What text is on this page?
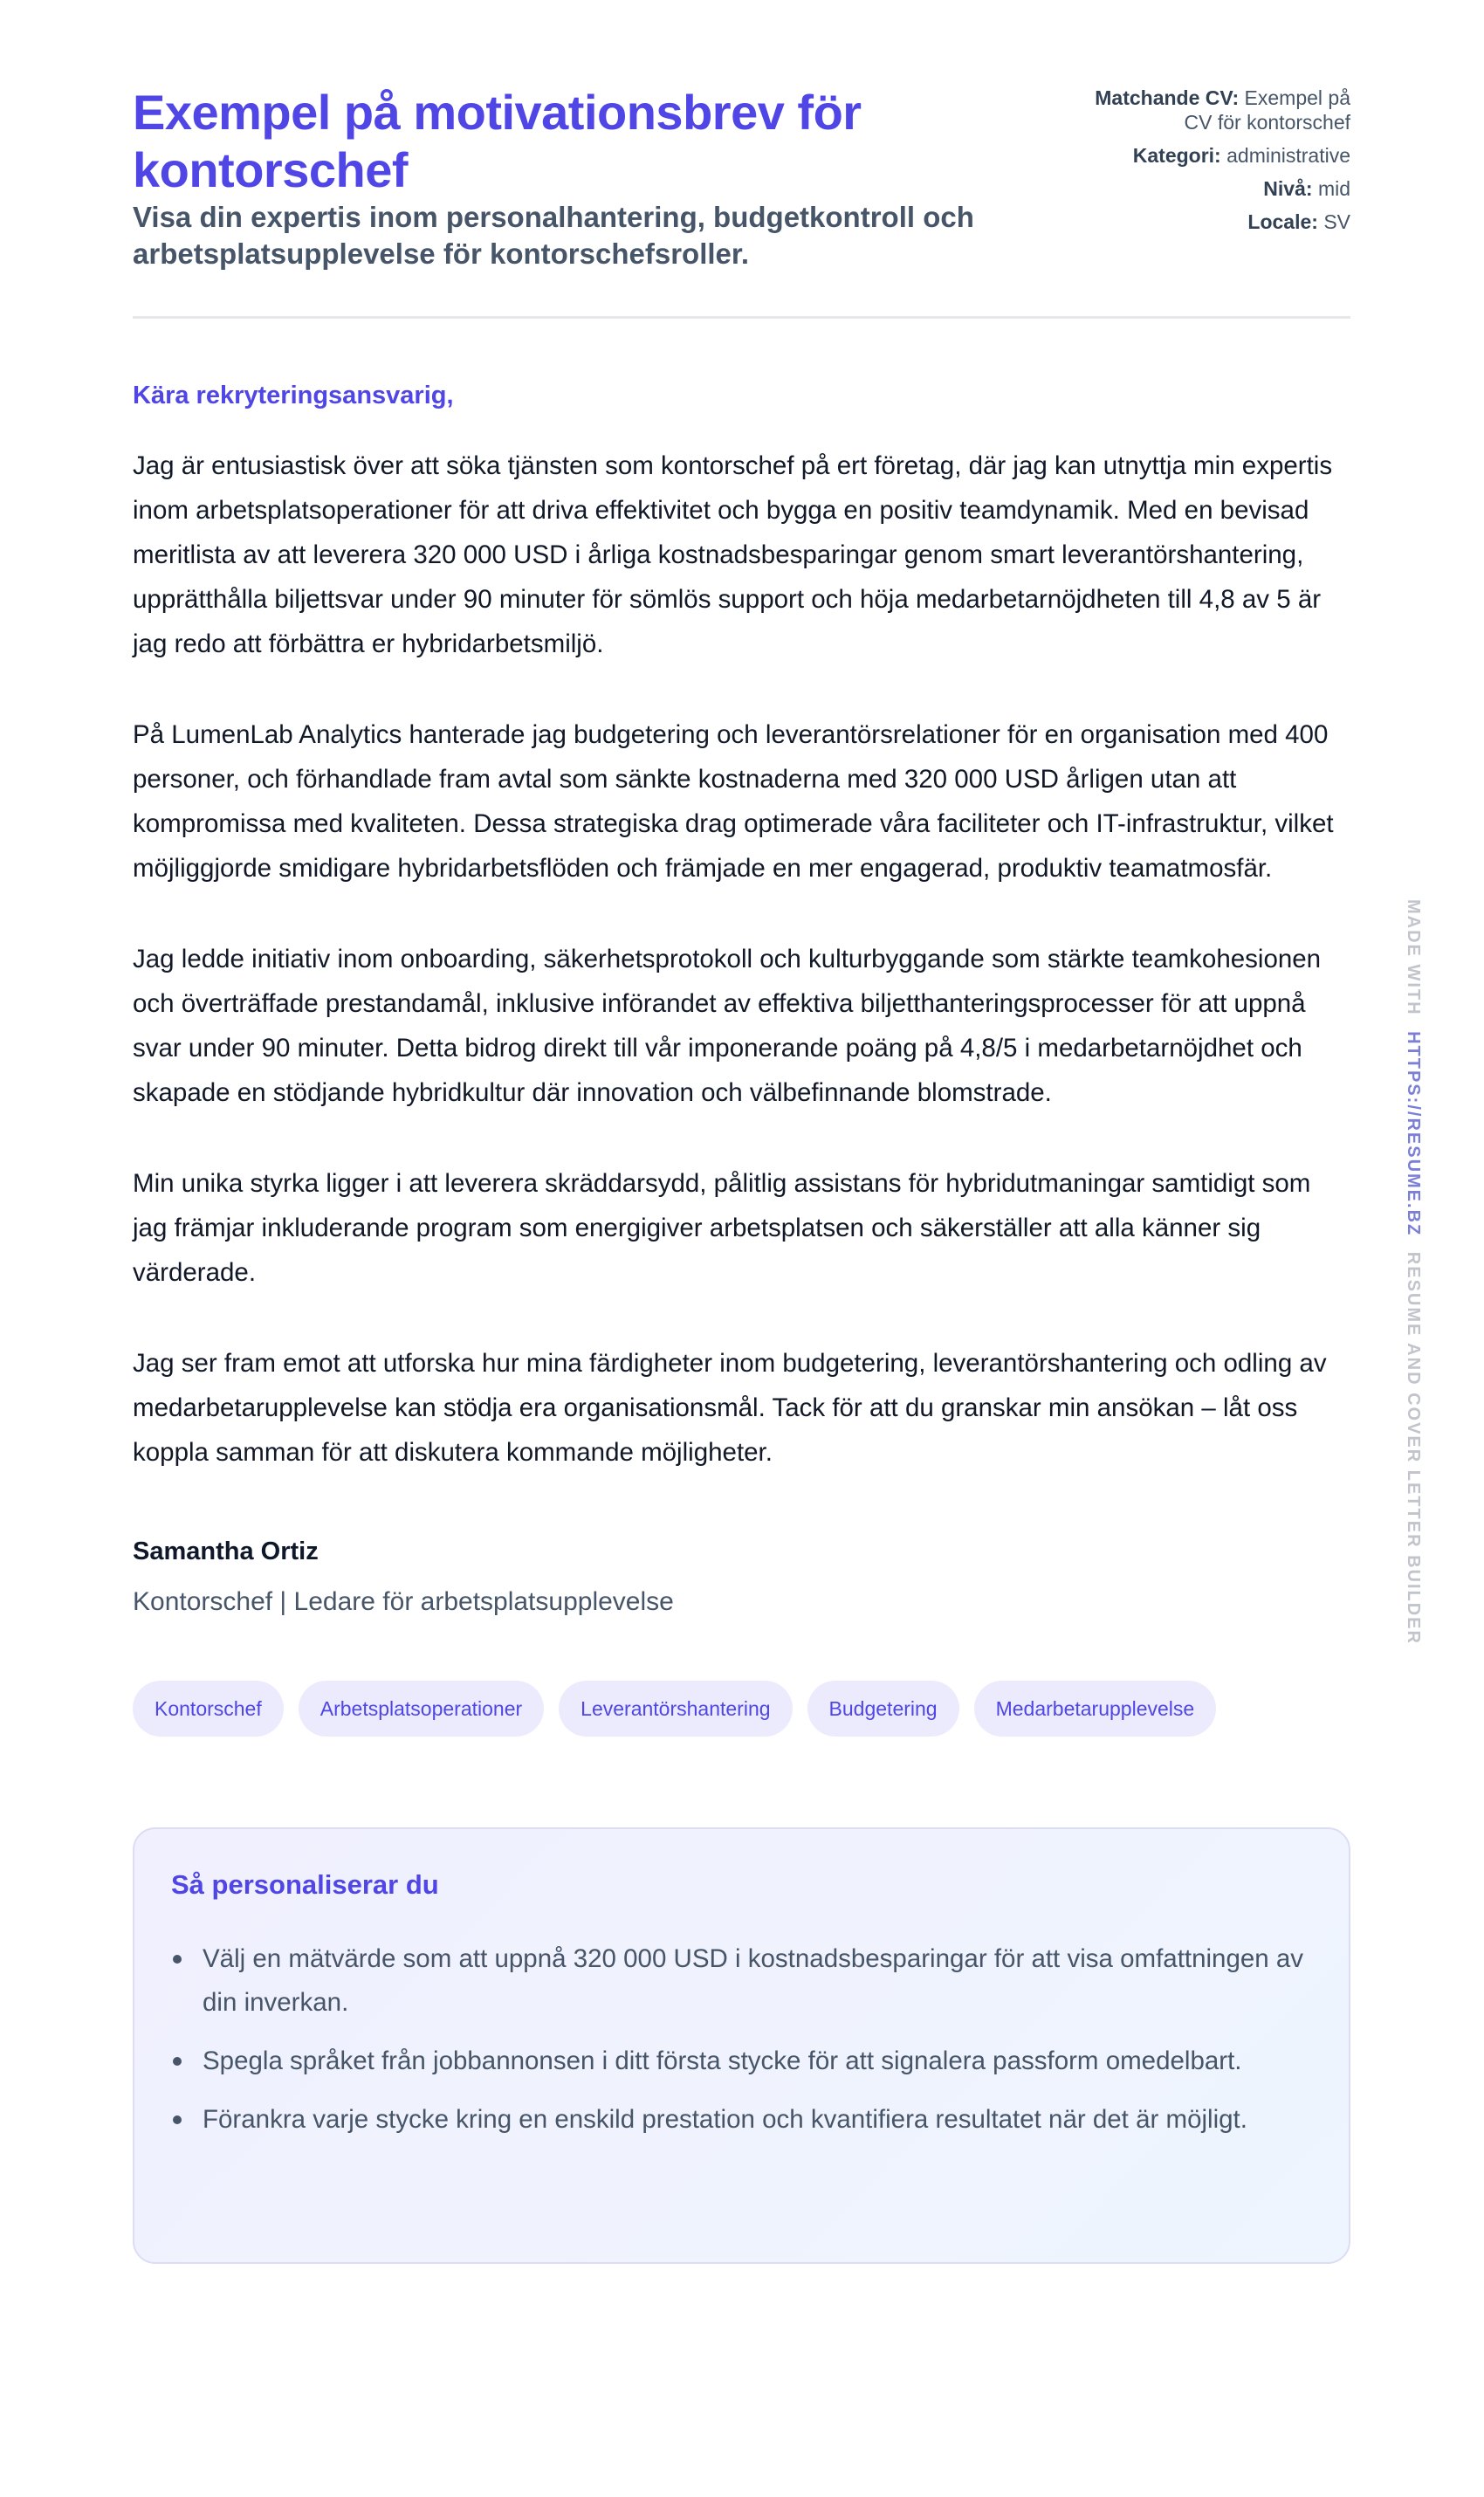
Exempel på motivationsbrev för kontorschef
Visa din expertis inom personalhantering, budgetkontroll och arbetsplatsupplevelse för kontorschefsroller.
Matchande CV: Exempel på CV för kontorschef
Kategori: administrative
Nivå: mid
Locale: SV
Kära rekryteringsansvarig,

Jag är entusiastisk över att söka tjänsten som kontorschef på ert företag, där jag kan utnyttja min expertis inom arbetsplatsoperationer för att driva effektivitet och bygga en positiv teamdynamik. Med en bevisad meritlista av att leverera 320 000 USD i årliga kostnadsbesparingar genom smart leverantörshantering, upprätthålla biljettsvar under 90 minuter för sömlös support och höja medarbetarnöjdheten till 4,8 av 5 är jag redo att förbättra er hybridarbetsmiljö.

På LumenLab Analytics hanterade jag budgetering och leverantörsrelationer för en organisation med 400 personer, och förhandlade fram avtal som sänkte kostnaderna med 320 000 USD årligen utan att kompromissa med kvaliteten. Dessa strategiska drag optimerade våra faciliteter och IT-infrastruktur, vilket möjliggjorde smidigare hybridarbetsflöden och främjade en mer engagerad, produktiv teamatmosfär.

Jag ledde initiativ inom onboarding, säkerhetsprotokoll och kulturbyggande som stärkte teamkohesionen och överträffade prestandamål, inklusive införandet av effektiva biljetthanteringsprocesser för att uppnå svar under 90 minuter. Detta bidrog direkt till vår imponerande poäng på 4,8/5 i medarbetarnöjdhet och skapade en stödjande hybridkultur där innovation och välbefinnande blomstrade.

Min unika styrka ligger i att leverera skräddarsydd, pålitlig assistans för hybridutmaningar samtidigt som jag främjar inkluderande program som energigiver arbetsplatsen och säkerställer att alla känner sig värderade.

Jag ser fram emot att utforska hur mina färdigheter inom budgetering, leverantörshantering och odling av medarbetarupplevelse kan stödja era organisationsmål. Tack för att du granskar min ansökan – låt oss koppla samman för att diskutera kommande möjligheter.

Samantha Ortiz
Kontorschef | Ledare för arbetsplatsupplevelse
Kontorschef	Arbetsplatsoperationer	Leverantörshantering	Budgetering	Medarbetarupplevelse
Så personaliserar du
Välj en mätvärde som att uppnå 320 000 USD i kostnadsbesparingar för att visa omfattningen av din inverkan.
Spegla språket från jobbannonsen i ditt första stycke för att signalera passform omedelbart.
Förankra varje stycke kring en enskild prestation och kvantifiera resultatet när det är möjligt.
MADE WITH HTTPS://RESUME.BZ RESUME AND COVER LETTER BUILDER
